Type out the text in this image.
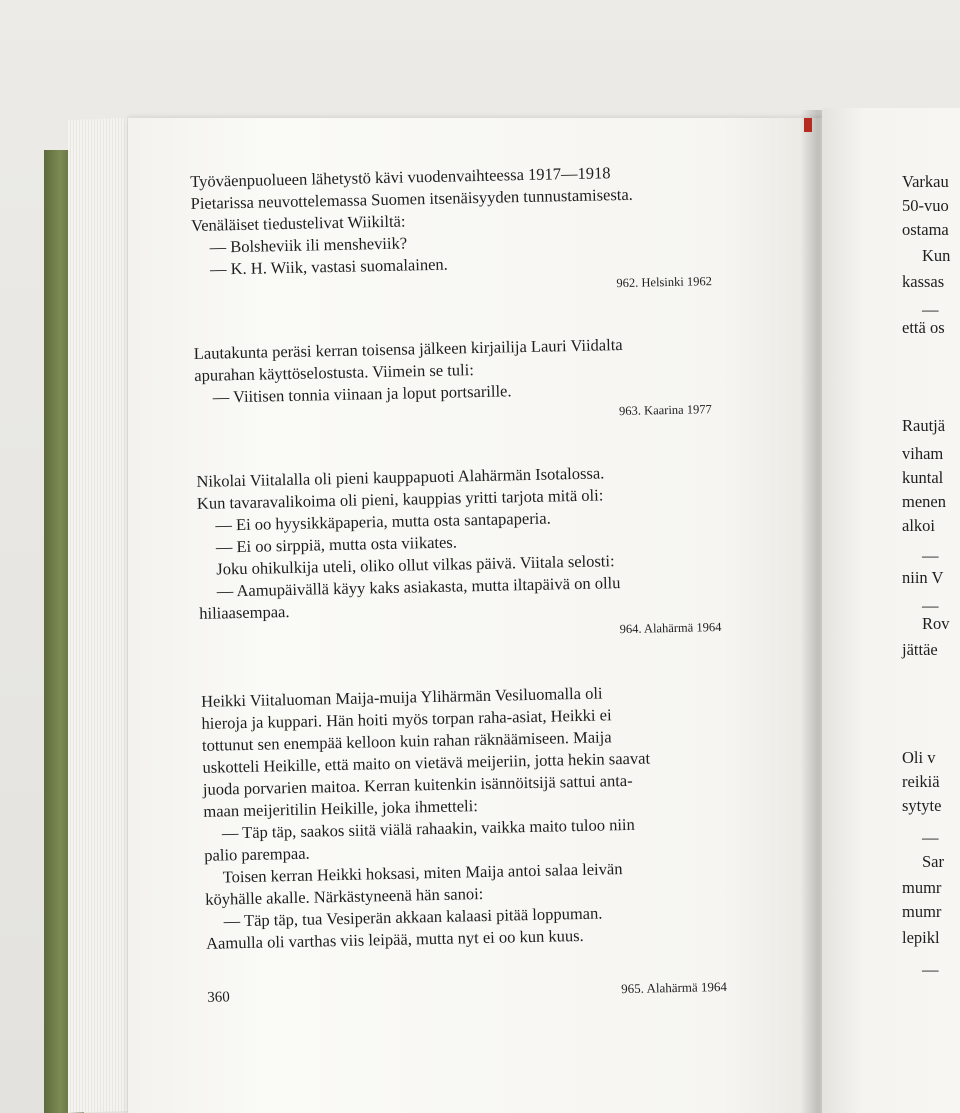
Varkau
50-vuo
ostama
Kun
kassas
—
että os
Rautjä
viham
kuntal
menen
alkoi
—
niin V
—
Rov
jättäe
Oli v
reikiä
sytyte
—
Sar
mumr
mumr
lepikl
—
Työväenpuolueen lähetystö kävi vuodenvaihteessa 1917—1918
Pietarissa neuvottelemassa Suomen itsenäisyyden tunnustamisesta.
Venäläiset tiedustelivat Wiikiltä:
— Bolsheviik ili mensheviik?
— K. H. Wiik, vastasi suomalainen.
962. Helsinki 1962
Lautakunta peräsi kerran toisensa jälkeen kirjailija Lauri Viidalta
apurahan käyttöselostusta. Viimein se tuli:
— Viitisen tonnia viinaan ja loput portsarille.
963. Kaarina 1977
Nikolai Viitalalla oli pieni kauppapuoti Alahärmän Isotalossa.
Kun tavaravalikoima oli pieni, kauppias yritti tarjota mitä oli:
— Ei oo hyysikkäpaperia, mutta osta santapaperia.
— Ei oo sirppiä, mutta osta viikates.
Joku ohikulkija uteli, oliko ollut vilkas päivä. Viitala selosti:
— Aamupäivällä käyy kaks asiakasta, mutta iltapäivä on ollu
hiliaasempaa.
964. Alahärmä 1964
Heikki Viitaluoman Maija-muija Ylihärmän Vesiluomalla oli
hieroja ja kuppari. Hän hoiti myös torpan raha-asiat, Heikki ei
tottunut sen enempää kelloon kuin rahan räknäämiseen. Maija
uskotteli Heikille, että maito on vietävä meijeriin, jotta hekin saavat
juoda porvarien maitoa. Kerran kuitenkin isännöitsijä sattui anta-
maan meijeritilin Heikille, joka ihmetteli:
— Täp täp, saakos siitä viälä rahaakin, vaikka maito tuloo niin
palio parempaa.
Toisen kerran Heikki hoksasi, miten Maija antoi salaa leivän
köyhälle akalle. Närkästyneenä hän sanoi:
— Täp täp, tua Vesiperän akkaan kalaasi pitää loppuman.
Aamulla oli varthas viis leipää, mutta nyt ei oo kun kuus.
360
965. Alahärmä 1964
